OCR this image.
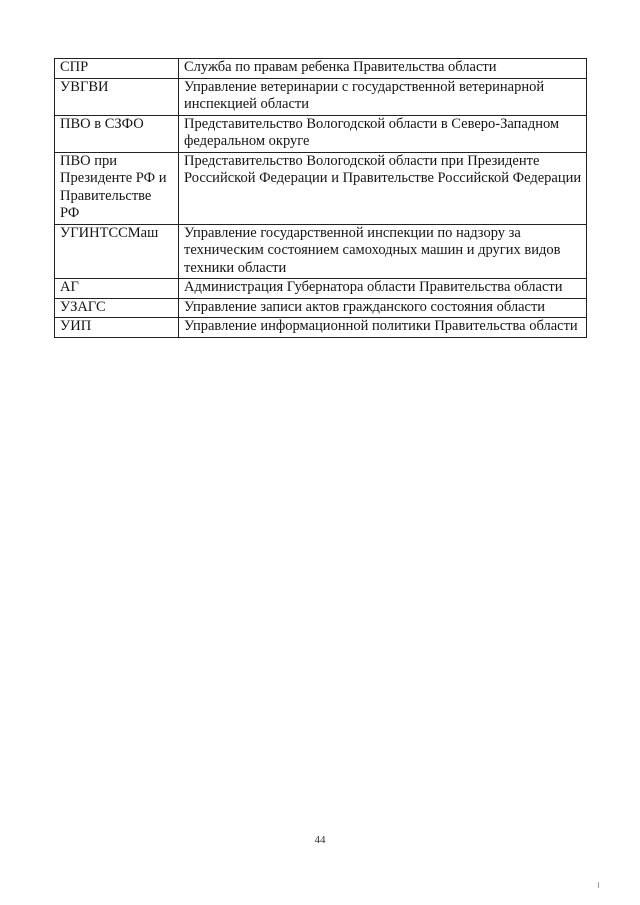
СПР	Служба по правам ребенка Правительства области
УВГВИ	Управление ветеринарии с государственной ветеринарной инспекцией области
ПВО в СЗФО	Представительство Вологодской области в Северо-Западном федеральном округе
ПВО при Президенте РФ и Правительстве РФ	Представительство Вологодской области при Президенте Российской Федерации и Правительстве Российской Федерации
УГИНТССМаш	Управление государственной инспекции по надзору за техническим состоянием самоходных машин и других видов техники области
АГ	Администрация Губернатора области Правительства области
УЗАГС	Управление записи актов гражданского состояния области
УИП	Управление информационной политики Правительства области
44
